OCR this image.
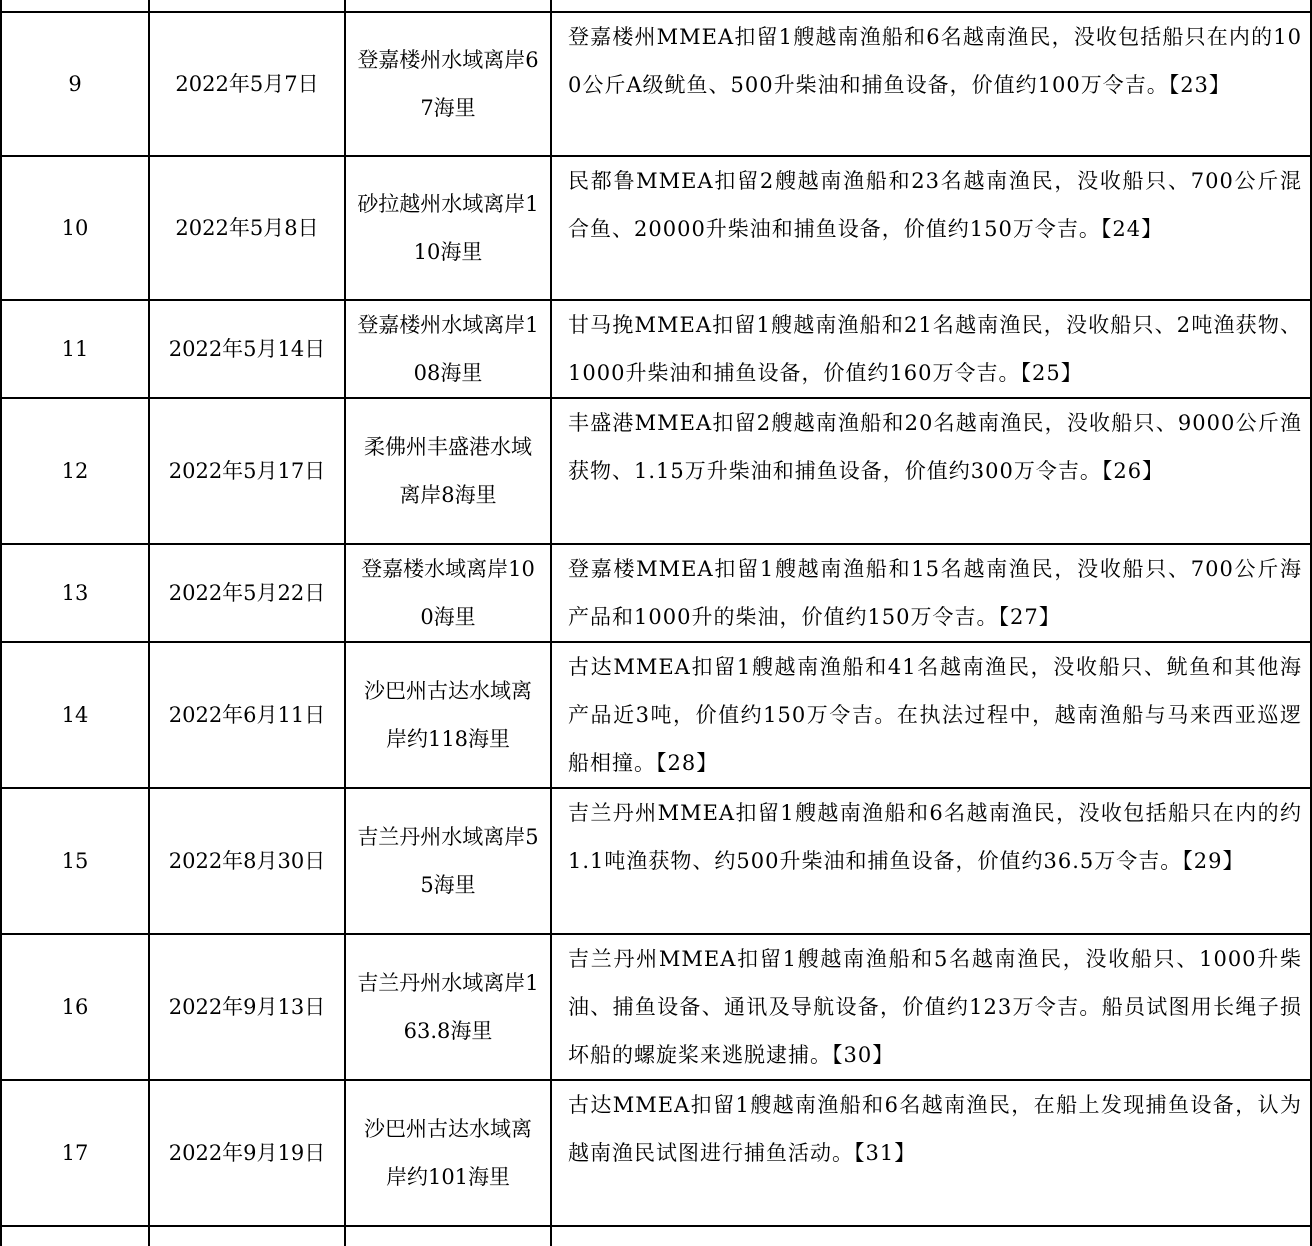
9	2022年5月7日	登嘉楼州水域离岸67海里	登嘉楼州MMEA扣留1艘越南渔船和6名越南渔民，没收包括船只在内的100公斤A级鱿鱼、500升柴油和捕鱼设备，价值约100万令吉。【23】
10	2022年5月8日	砂拉越州水域离岸110海里	民都鲁MMEA扣留2艘越南渔船和23名越南渔民，没收船只、700公斤混合鱼、20000升柴油和捕鱼设备，价值约150万令吉。【24】
11	2022年5月14日	登嘉楼州水域离岸108海里	甘马挽MMEA扣留1艘越南渔船和21名越南渔民，没收船只、2吨渔获物、1000升柴油和捕鱼设备，价值约160万令吉。【25】
12	2022年5月17日	柔佛州丰盛港水域离岸8海里	丰盛港MMEA扣留2艘越南渔船和20名越南渔民，没收船只、9000公斤渔获物、1.15万升柴油和捕鱼设备，价值约300万令吉。【26】
13	2022年5月22日	登嘉楼水域离岸100海里	登嘉楼MMEA扣留1艘越南渔船和15名越南渔民，没收船只、700公斤海产品和1000升的柴油，价值约150万令吉。【27】
14	2022年6月11日	沙巴州古达水域离岸约118海里	古达MMEA扣留1艘越南渔船和41名越南渔民，没收船只、鱿鱼和其他海产品近3吨，价值约150万令吉。在执法过程中，越南渔船与马来西亚巡逻船相撞。【28】
15	2022年8月30日	吉兰丹州水域离岸55海里	吉兰丹州MMEA扣留1艘越南渔船和6名越南渔民，没收包括船只在内的约1.1吨渔获物、约500升柴油和捕鱼设备，价值约36.5万令吉。【29】
16	2022年9月13日	吉兰丹州水域离岸163.8海里	吉兰丹州MMEA扣留1艘越南渔船和5名越南渔民，没收船只、1000升柴油、捕鱼设备、通讯及导航设备，价值约123万令吉。船员试图用长绳子损坏船的螺旋桨来逃脱逮捕。【30】
17	2022年9月19日	沙巴州古达水域离岸约101海里	古达MMEA扣留1艘越南渔船和6名越南渔民，在船上发现捕鱼设备，认为越南渔民试图进行捕鱼活动。【31】
